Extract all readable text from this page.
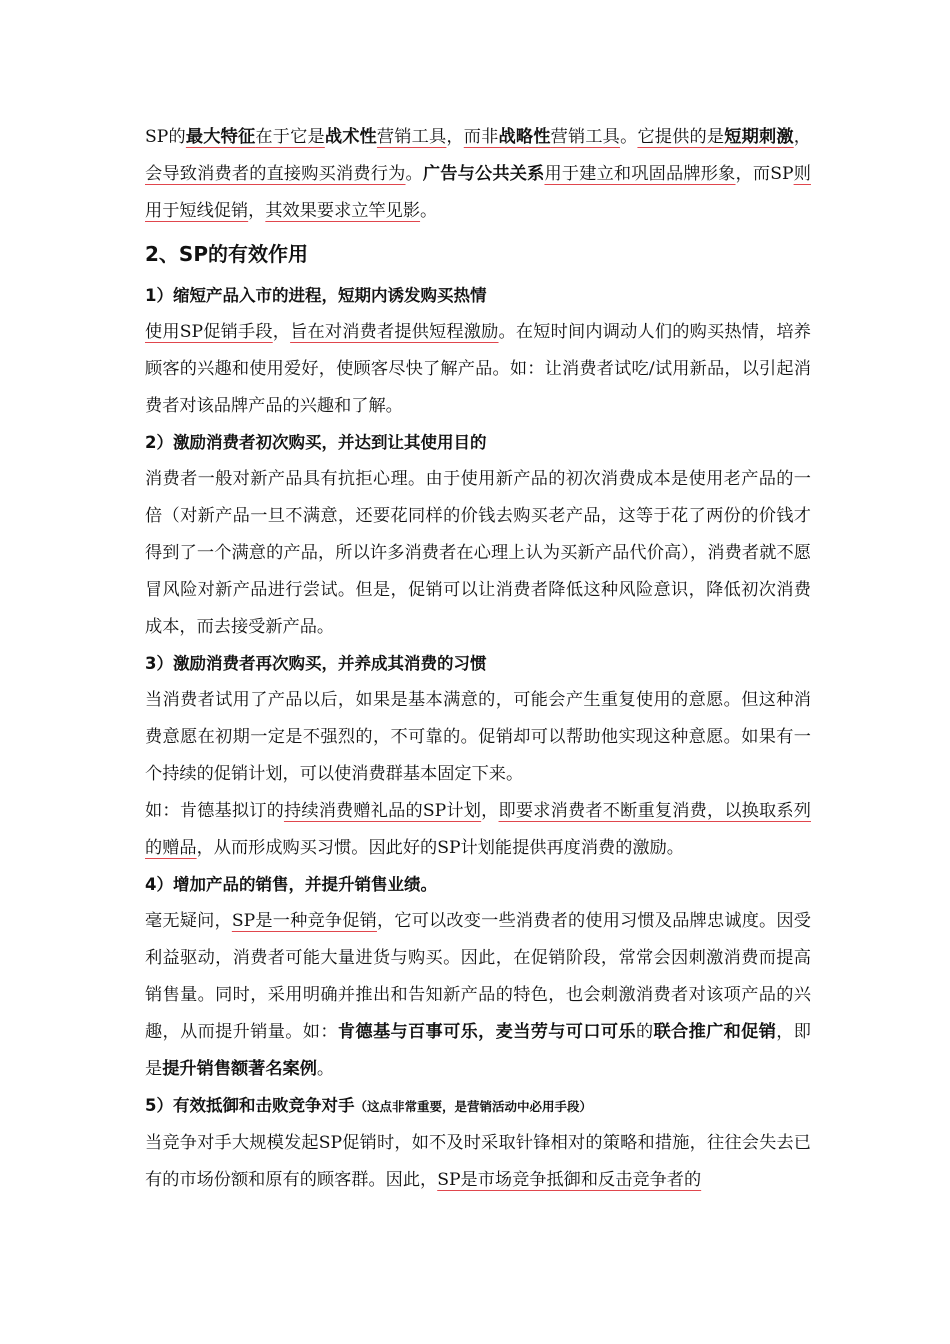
SP的最大特征在于它是战术性营销工具，而非战略性营销工具。它提供的是短期刺激，会导致消费者的直接购买消费行为。广告与公共关系用于建立和巩固品牌形象，而SP则用于短线促销，其效果要求立竿见影。

2、SP的有效作用

1）缩短产品入市的进程，短期内诱发购买热情

使用SP促销手段，旨在对消费者提供短程激励。在短时间内调动人们的购买热情，培养顾客的兴趣和使用爱好，使顾客尽快了解产品。如：让消费者试吃/试用新品，以引起消费者对该品牌产品的兴趣和了解。

2）激励消费者初次购买，并达到让其使用目的

消费者一般对新产品具有抗拒心理。由于使用新产品的初次消费成本是使用老产品的一倍（对新产品一旦不满意，还要花同样的价钱去购买老产品，这等于花了两份的价钱才得到了一个满意的产品，所以许多消费者在心理上认为买新产品代价高），消费者就不愿冒风险对新产品进行尝试。但是，促销可以让消费者降低这种风险意识，降低初次消费成本，而去接受新产品。

3）激励消费者再次购买，并养成其消费的习惯

当消费者试用了产品以后，如果是基本满意的，可能会产生重复使用的意愿。但这种消费意愿在初期一定是不强烈的，不可靠的。促销却可以帮助他实现这种意愿。如果有一个持续的促销计划，可以使消费群基本固定下来。

如：肯德基拟订的持续消费赠礼品的SP计划，即要求消费者不断重复消费，以换取系列的赠品，从而形成购买习惯。因此好的SP计划能提供再度消费的激励。

4）增加产品的销售，并提升销售业绩。

毫无疑问，SP是一种竞争促销，它可以改变一些消费者的使用习惯及品牌忠诚度。因受利益驱动，消费者可能大量进货与购买。因此，在促销阶段，常常会因刺激消费而提高销售量。同时，采用明确并推出和告知新产品的特色，也会刺激消费者对该项产品的兴趣，从而提升销量。如：肯德基与百事可乐，麦当劳与可口可乐的联合推广和促销，即是提升销售额著名案例。

5）有效抵御和击败竞争对手（这点非常重要，是营销活动中必用手段）

当竞争对手大规模发起SP促销时，如不及时采取针锋相对的策略和措施，往往会失去已有的市场份额和原有的顾客群。因此，SP是市场竞争抵御和反击竞争者的
